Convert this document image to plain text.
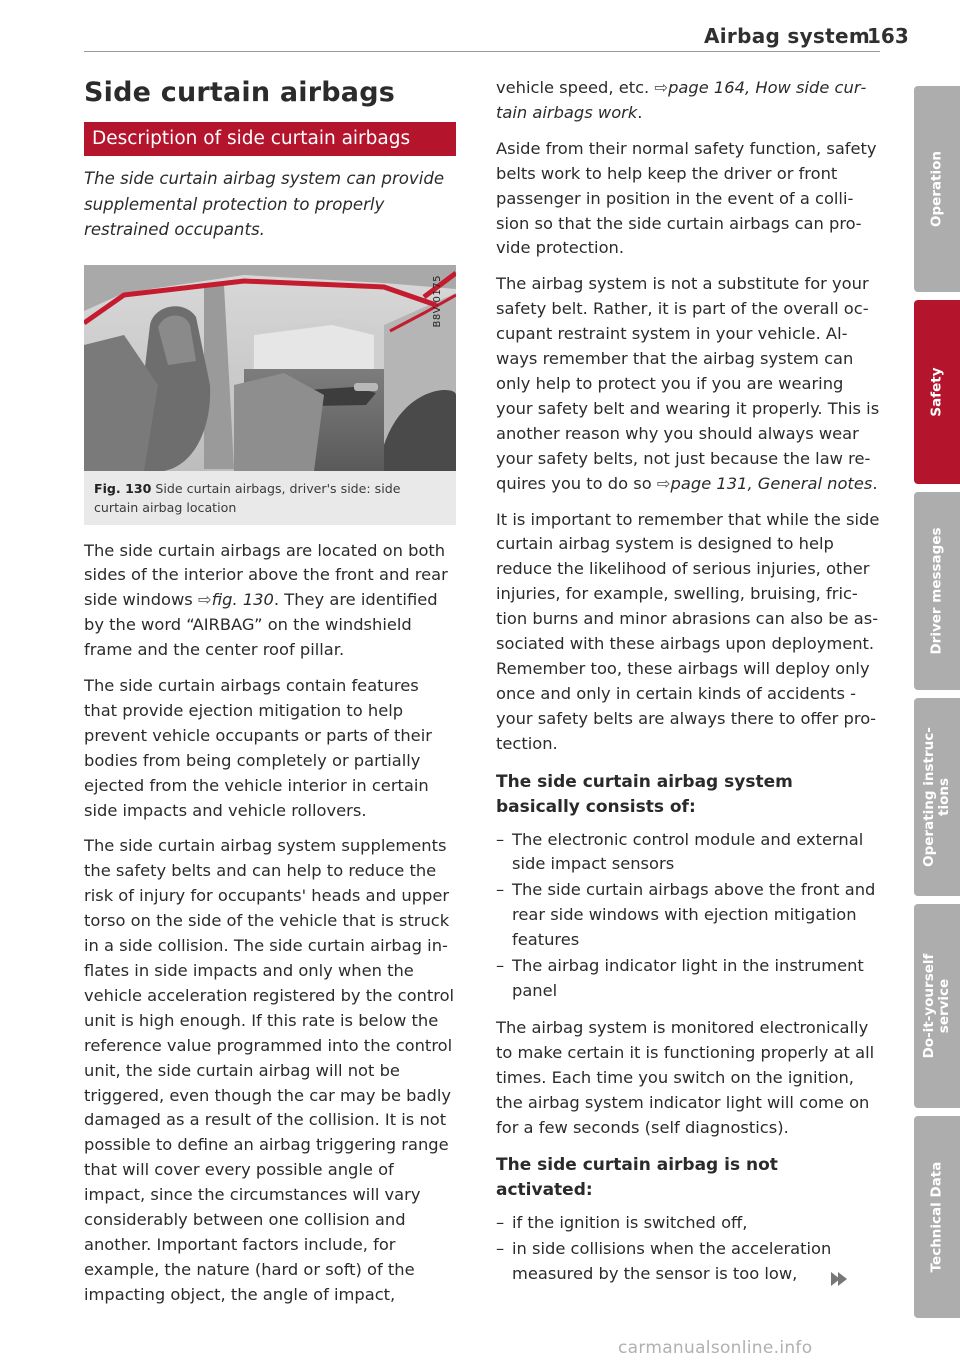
Airbag system
163
Side curtain airbags
Description of side curtain airbags
The side curtain airbag system can provide supplemental protection to properly restrained occupants.
B8V-0175
Fig. 130 Side curtain airbags, driver's side: side curtain airbag location

The side curtain airbags are located on both sides of the interior above the front and rear side windows ⇨fig. 130. They are identified by the word “AIRBAG” on the windshield frame and the center roof pillar.

The side curtain airbags contain features that provide ejection mitigation to help prevent vehicle occupants or parts of their bodies from being completely or partially ejected from the vehicle interior in certain side impacts and vehicle rollovers.

The side curtain airbag system supplements the safety belts and can help to reduce the risk of injury for occupants' heads and upper torso on the side of the vehicle that is struck in a side collision. The side curtain airbag inflates in side impacts and only when the vehicle acceleration registered by the control unit is high enough. If this rate is below the reference value programmed into the control unit, the side curtain airbag will not be triggered, even though the car may be badly damaged as a result of the collision. It is not possible to define an airbag triggering range that will cover every possible angle of impact, since the circumstances will vary considerably between one collision and another. Important factors include, for example, the nature (hard or soft) of the impacting object, the angle of impact,

vehicle speed, etc. ⇨page 164, How side curtain airbags work.

Aside from their normal safety function, safety belts work to help keep the driver or front passenger in position in the event of a collision so that the side curtain airbags can provide protection.

The airbag system is not a substitute for your safety belt. Rather, it is part of the overall occupant restraint system in your vehicle. Always remember that the airbag system can only help to protect you if you are wearing your safety belt and wearing it properly. This is another reason why you should always wear your safety belts, not just because the law requires you to do so ⇨page 131, General notes.

It is important to remember that while the side curtain airbag system is designed to help reduce the likelihood of serious injuries, other injuries, for example, swelling, bruising, friction burns and minor abrasions can also be associated with these airbags upon deployment. Remember too, these airbags will deploy only once and only in certain kinds of accidents - your safety belts are always there to offer protection.

The side curtain airbag system basically consists of:
– The electronic control module and external side impact sensors
– The side curtain airbags above the front and rear side windows with ejection mitigation features
– The airbag indicator light in the instrument panel

The airbag system is monitored electronically to make certain it is functioning properly at all times. Each time you switch on the ignition, the airbag system indicator light will come on for a few seconds (self diagnostics).

The side curtain airbag is not activated:
– if the ignition is switched off,
– in side collisions when the acceleration measured by the sensor is too low,
Operation
Safety
Driver messages
Operating instructions
Do-it-yourself service
Technical Data
carmanualsonline.info
